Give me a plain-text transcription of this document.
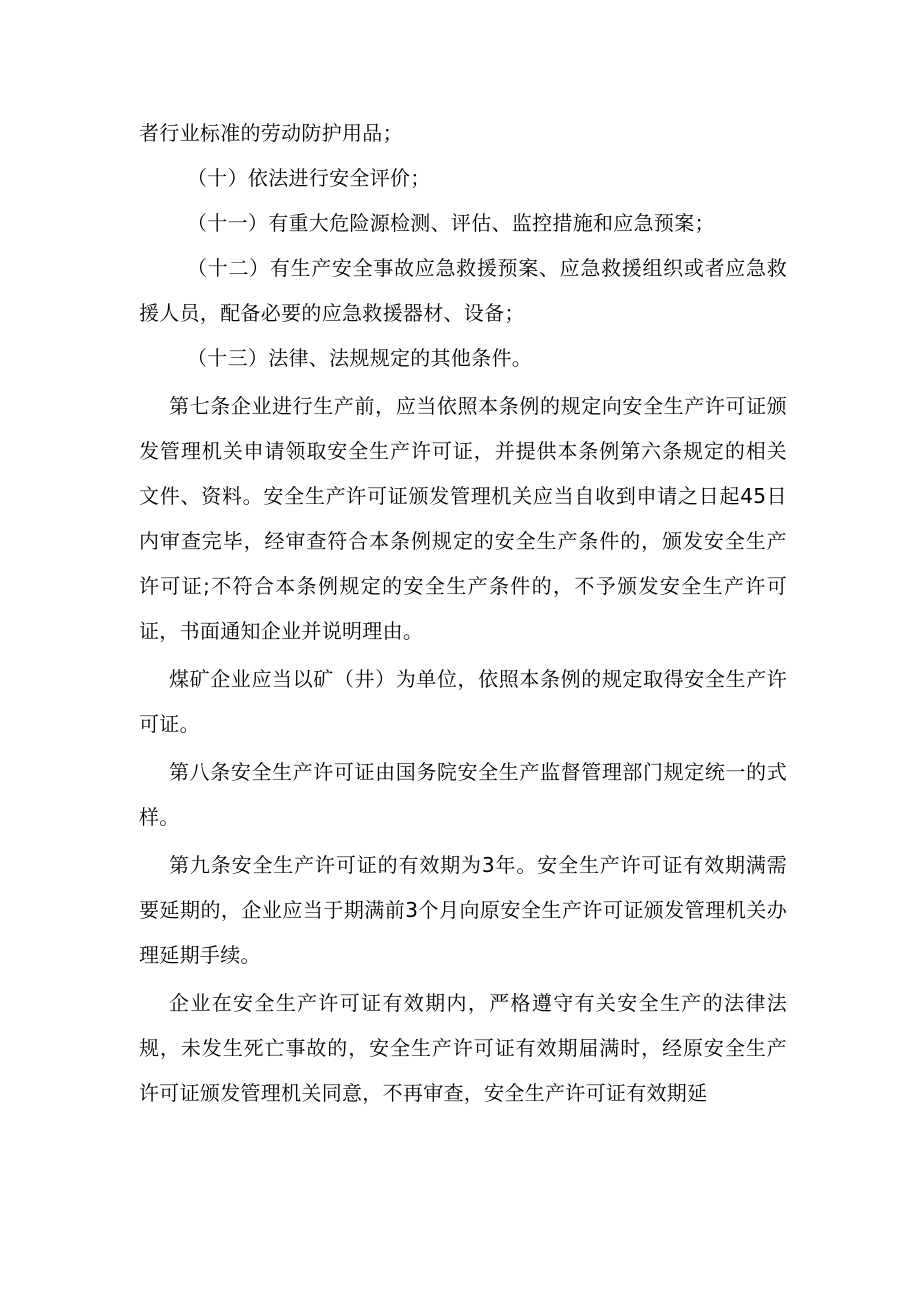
者行业标准的劳动防护用品；

（十）依法进行安全评价；

（十一）有重大危险源检测、评估、监控措施和应急预案；

（十二）有生产安全事故应急救援预案、应急救援组织或者应急救援人员，配备必要的应急救援器材、设备；

（十三）法律、法规规定的其他条件。

第七条企业进行生产前，应当依照本条例的规定向安全生产许可证颁发管理机关申请领取安全生产许可证，并提供本条例第六条规定的相关文件、资料。安全生产许可证颁发管理机关应当自收到申请之日起45日内审查完毕，经审查符合本条例规定的安全生产条件的，颁发安全生产许可证;不符合本条例规定的安全生产条件的，不予颁发安全生产许可证，书面通知企业并说明理由。

煤矿企业应当以矿（井）为单位，依照本条例的规定取得安全生产许可证。

第八条安全生产许可证由国务院安全生产监督管理部门规定统一的式样。

第九条安全生产许可证的有效期为3年。安全生产许可证有效期满需要延期的，企业应当于期满前3个月向原安全生产许可证颁发管理机关办理延期手续。

企业在安全生产许可证有效期内，严格遵守有关安全生产的法律法规，未发生死亡事故的，安全生产许可证有效期届满时，经原安全生产许可证颁发管理机关同意，不再审查，安全生产许可证有效期延
